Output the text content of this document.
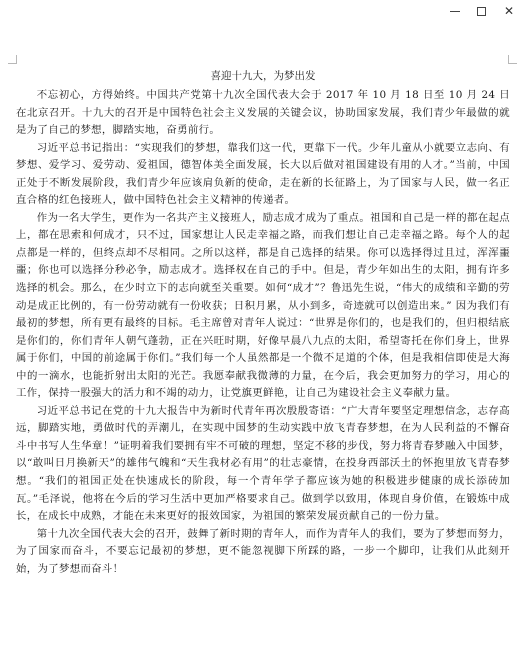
✕
喜迎十九大，为梦出发

不忘初心，方得始终。中国共产党第十九次全国代表大会于 2017 年 10 月 18 日至 10 月 24 日在北京召开。十九大的召开是中国特色社会主义发展的关键会议，协助国家发展，我们青少年最做的就是为了自己的梦想，脚踏实地，奋勇前行。

习近平总书记指出：“实现我们的梦想，靠我们这一代，更靠下一代。少年儿童从小就要立志向、有梦想、爱学习、爱劳动、爱祖国，德智体美全面发展，长大以后做对祖国建设有用的人才。”当前，中国正处于不断发展阶段，我们青少年应该肩负新的使命，走在新的长征路上，为了国家与人民，做一名正直合格的红色接班人，做中国特色社会主义精神的传递者。

作为一名大学生，更作为一名共产主义接班人，励志成才成为了重点。祖国和自己是一样的都在起点上，都在思索和何成才，只不过，国家想让人民走幸福之路，而我们想让自己走幸福之路。每个人的起点都是一样的，但终点却不尽相同。之所以这样，都是自己选择的结果。你可以选择得过且过，浑浑噩噩；你也可以选择分秒必争，励志成才。选择权在自己的手中。但是，青少年如出生的太阳，拥有许多选择的机会。那么，在少时立下的志向就至关重要。如何“成才”？鲁迅先生说，“伟大的成绩和辛勤的劳动是成正比例的，有一份劳动就有一份收获；日积月累，从小到多，奇迹就可以创造出来。” 因为我们有最初的梦想，所有更有最终的目标。毛主席曾对青年人说过：“世界是你们的，也是我们的，但归根结底是你们的，你们青年人朝气蓬勃，正在兴旺时期，好像早晨八九点的太阳，希望寄托在你们身上，世界属于你们，中国的前途属于你们。”我们每一个人虽然都是一个微不足道的个体，但是我相信即使是大海中的一滴水，也能折射出太阳的光芒。我愿奉献我微薄的力量，在今后，我会更加努力的学习，用心的工作，保持一股强大的活力和不竭的动力，让党旗更鲜艳，让自己为建设社会主义奉献力量。

习近平总书记在党的十九大报告中为新时代青年再次殷殷寄语：“广大青年要坚定理想信念，志存高远，脚踏实地，勇做时代的弄潮儿，在实现中国梦的生动实践中放飞青春梦想，在为人民利益的不懈奋斗中书写人生华章！”证明着我们要拥有牢不可破的理想，坚定不移的步伐，努力将青春梦融入中国梦，以“敢叫日月换新天”的雄伟气魄和“天生我材必有用”的壮志豪情，在投身西部沃土的怀抱里放飞青春梦想。“我们的祖国正处在快速成长的阶段，每一个青年学子都应该为她的积极进步健康的成长添砖加瓦。”毛泽说，他将在今后的学习生活中更加严格要求自己。做到学以致用，体现自身价值，在锻炼中成长，在成长中成熟，才能在未来更好的报效国家，为祖国的繁荣发展贡献自己的一份力量。

第十九次全国代表大会的召开，鼓舞了新时期的青年人，而作为青年人的我们，要为了梦想而努力，为了国家而奋斗，不要忘记最初的梦想，更不能忽视脚下所踩的路，一步一个脚印，让我们从此刻开始，为了梦想而奋斗！
